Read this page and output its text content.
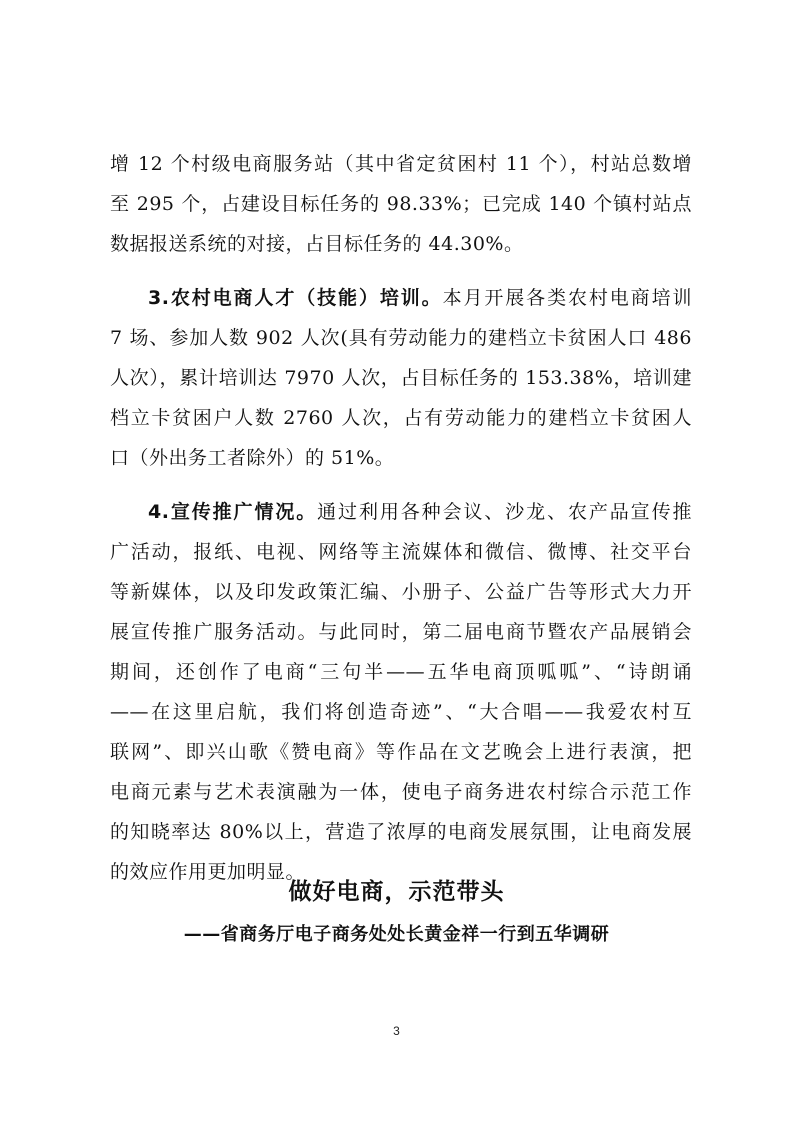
增 12 个村级电商服务站（其中省定贫困村 11 个），村站总数增
至 295 个，占建设目标任务的 98.33%；已完成 140 个镇村站点
数据报送系统的对接，占目标任务的 44.30%。
3.农村电商人才（技能）培训。本月开展各类农村电商培训
7 场、参加人数 902 人次(具有劳动能力的建档立卡贫困人口 486
人次），累计培训达 7970 人次，占目标任务的 153.38%，培训建
档立卡贫困户人数 2760 人次，占有劳动能力的建档立卡贫困人
口（外出务工者除外）的 51%。
4.宣传推广情况。通过利用各种会议、沙龙、农产品宣传推
广活动，报纸、电视、网络等主流媒体和微信、微博、社交平台
等新媒体，以及印发政策汇编、小册子、公益广告等形式大力开
展宣传推广服务活动。与此同时，第二届电商节暨农产品展销会
期间，还创作了电商“三句半——五华电商顶呱呱”、“诗朗诵
——在这里启航，我们将创造奇迹”、“大合唱——我爱农村互
联网”、即兴山歌《赞电商》等作品在文艺晚会上进行表演，把
电商元素与艺术表演融为一体，使电子商务进农村综合示范工作
的知晓率达 80%以上，营造了浓厚的电商发展氛围，让电商发展
的效应作用更加明显。
做好电商，示范带头
——省商务厅电子商务处处长黄金祥一行到五华调研
3
